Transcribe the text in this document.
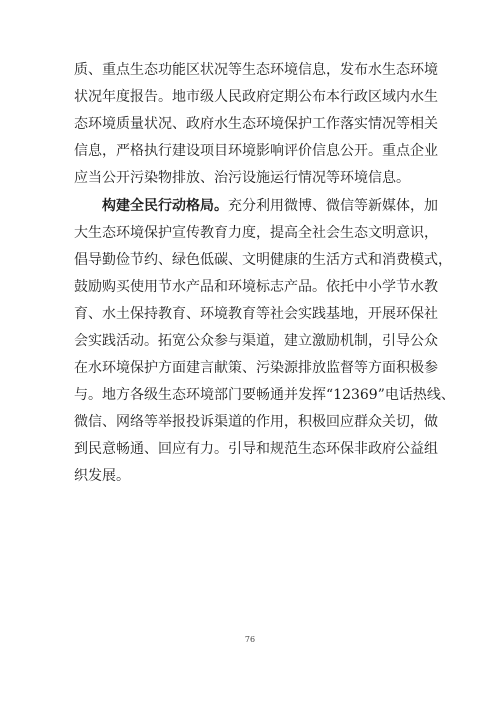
质、重点生态功能区状况等生态环境信息，发布水生态环境
状况年度报告。地市级人民政府定期公布本行政区域内水生
态环境质量状况、政府水生态环境保护工作落实情况等相关
信息，严格执行建设项目环境影响评价信息公开。重点企业
应当公开污染物排放、治污设施运行情况等环境信息。
构建全民行动格局。充分利用微博、微信等新媒体，加
大生态环境保护宣传教育力度，提高全社会生态文明意识，
倡导勤俭节约、绿色低碳、文明健康的生活方式和消费模式，
鼓励购买使用节水产品和环境标志产品。依托中小学节水教
育、水土保持教育、环境教育等社会实践基地，开展环保社
会实践活动。拓宽公众参与渠道，建立激励机制，引导公众
在水环境保护方面建言献策、污染源排放监督等方面积极参
与。地方各级生态环境部门要畅通并发挥“12369”电话热线、
微信、网络等举报投诉渠道的作用，积极回应群众关切，做
到民意畅通、回应有力。引导和规范生态环保非政府公益组
织发展。
76
